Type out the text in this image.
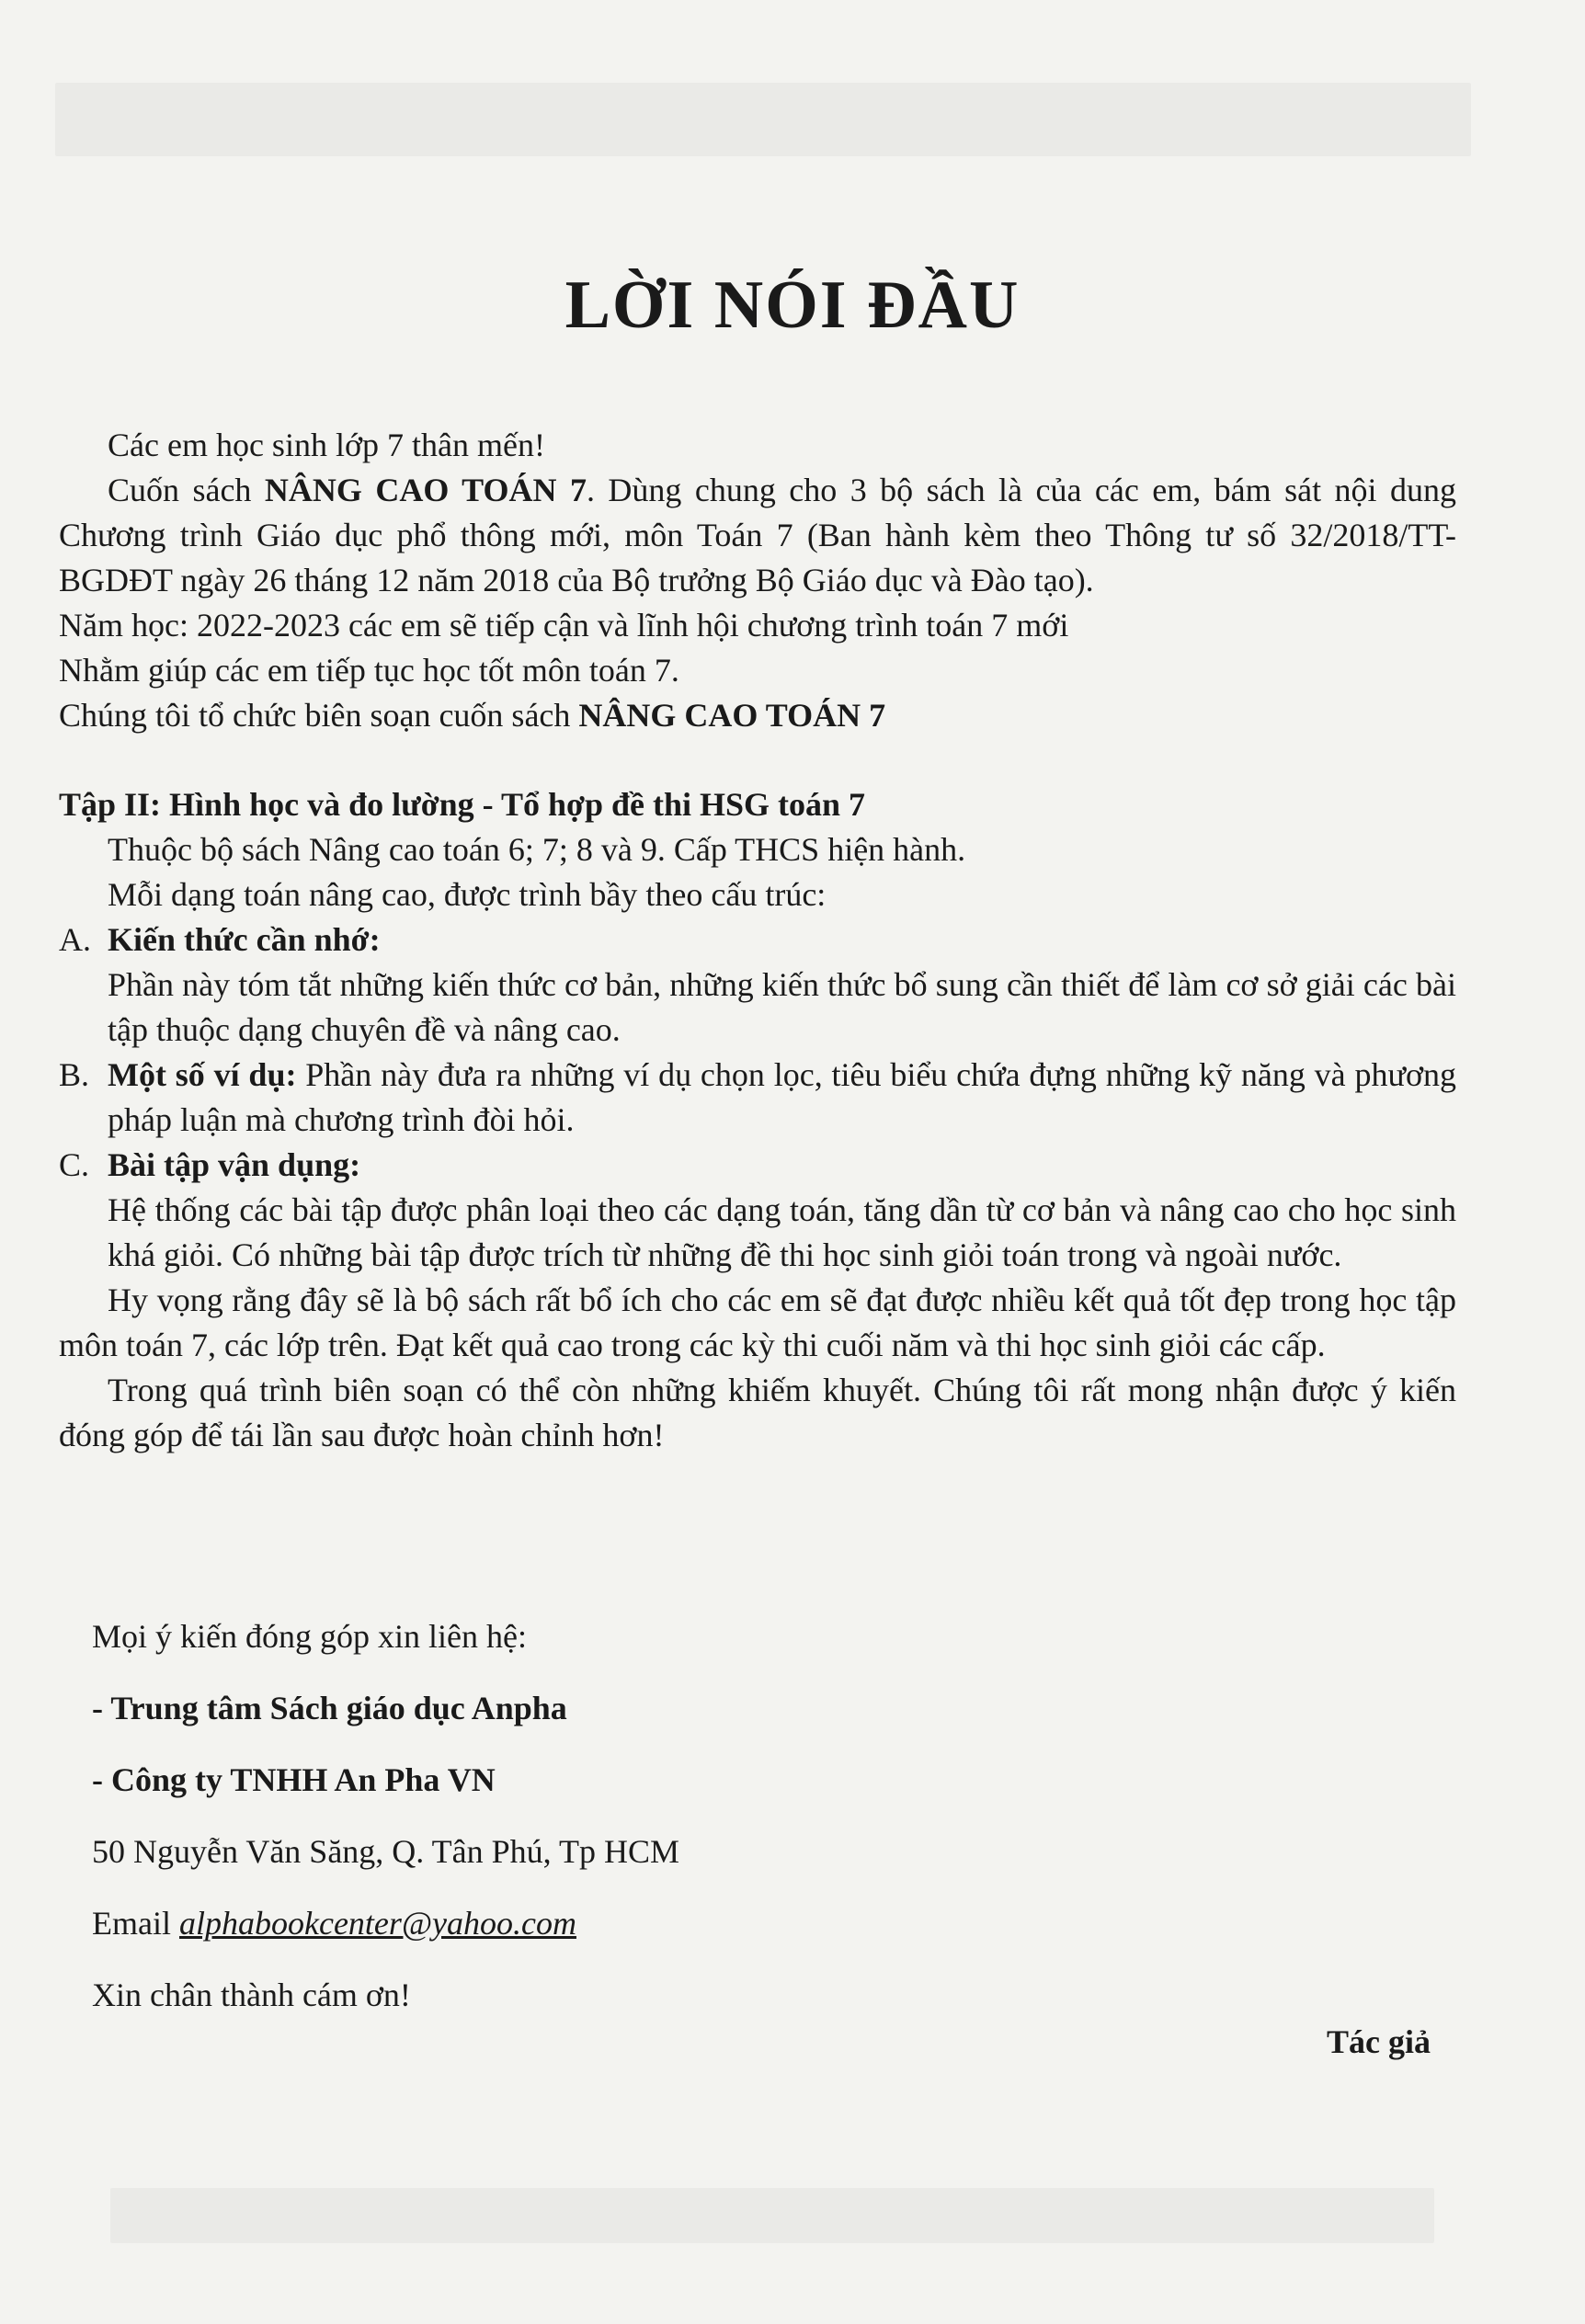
LỜI NÓI ĐẦU

Các em học sinh lớp 7 thân mến!

Cuốn sách NÂNG CAO TOÁN 7. Dùng chung cho 3 bộ sách là của các em, bám sát nội dung Chương trình Giáo dục phổ thông mới, môn Toán 7 (Ban hành kèm theo Thông tư số 32/2018/TT-BGDĐT ngày 26 tháng 12 năm 2018 của Bộ trưởng Bộ Giáo dục và Đào tạo).

Năm học: 2022-2023 các em sẽ tiếp cận và lĩnh hội chương trình toán 7 mới

Nhằm giúp các em tiếp tục học tốt môn toán 7.

Chúng tôi tổ chức biên soạn cuốn sách NÂNG CAO TOÁN 7

Tập II: Hình học và đo lường - Tổ hợp đề thi HSG toán 7

Thuộc bộ sách Nâng cao toán 6; 7; 8 và 9. Cấp THCS hiện hành.

Mỗi dạng toán nâng cao, được trình bầy theo cấu trúc:

A. Kiến thức cần nhớ:

Phần này tóm tắt những kiến thức cơ bản, những kiến thức bổ sung cần thiết để làm cơ sở giải các bài tập thuộc dạng chuyên đề và nâng cao.

B. Một số ví dụ: Phần này đưa ra những ví dụ chọn lọc, tiêu biểu chứa đựng những kỹ năng và phương pháp luận mà chương trình đòi hỏi.

C. Bài tập vận dụng:

Hệ thống các bài tập được phân loại theo các dạng toán, tăng dần từ cơ bản và nâng cao cho học sinh khá giỏi. Có những bài tập được trích từ những đề thi học sinh giỏi toán trong và ngoài nước.

Hy vọng rằng đây sẽ là bộ sách rất bổ ích cho các em sẽ đạt được nhiều kết quả tốt đẹp trong học tập môn toán 7, các lớp trên. Đạt kết quả cao trong các kỳ thi cuối năm và thi học sinh giỏi các cấp.

Trong quá trình biên soạn có thể còn những khiếm khuyết. Chúng tôi rất mong nhận được ý kiến đóng góp để tái lần sau được hoàn chỉnh hơn!

Mọi ý kiến đóng góp xin liên hệ:

- Trung tâm Sách giáo dục Anpha

- Công ty TNHH An Pha VN

50 Nguyễn Văn Săng, Q. Tân Phú, Tp HCM

Email alphabookcenter@yahoo.com

Xin chân thành cám ơn!

Tác giả
